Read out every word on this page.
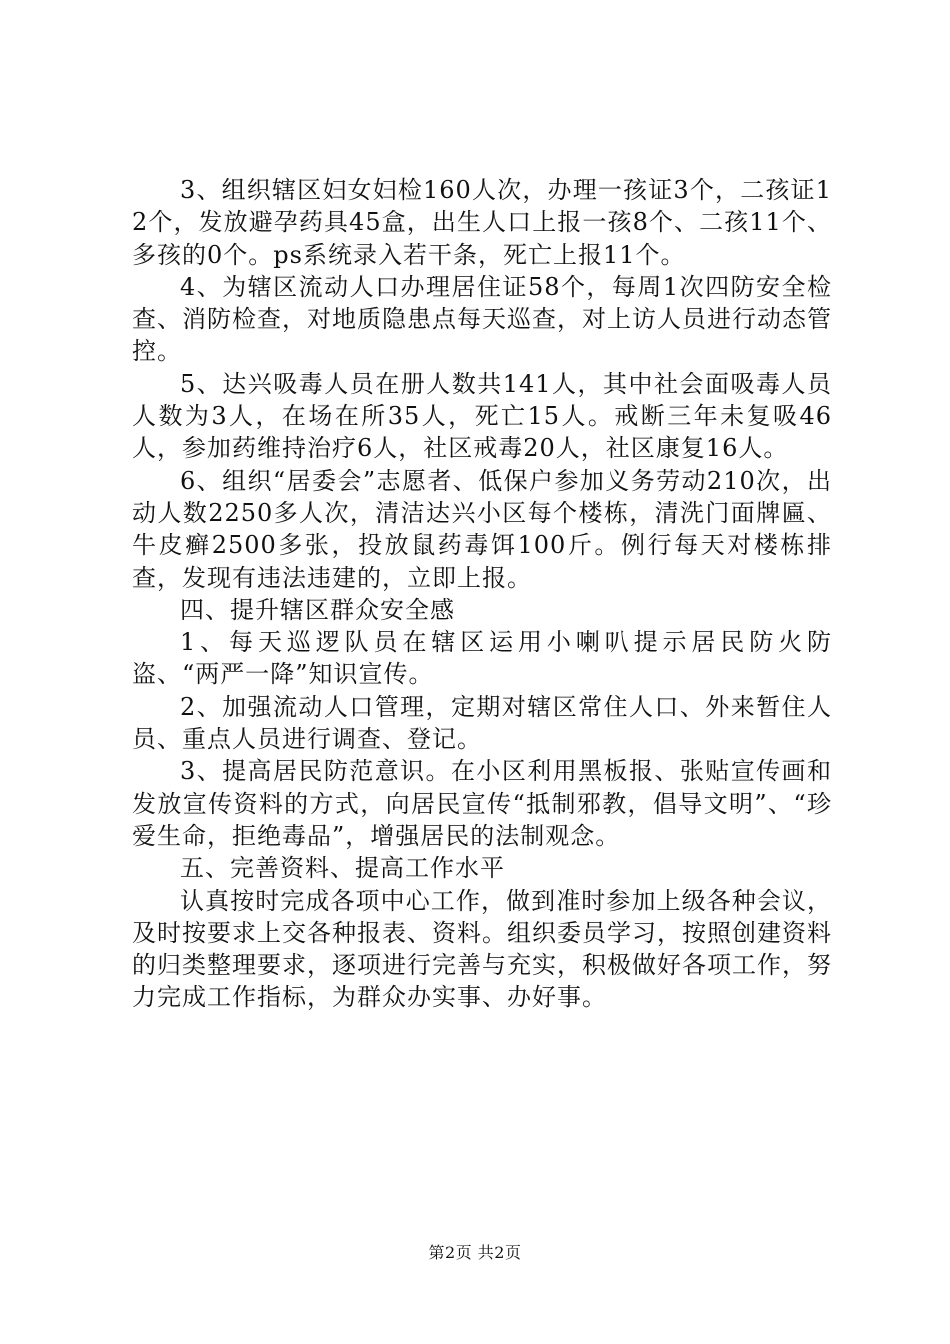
3、组织辖区妇女妇检160人次，办理一孩证3个，二孩证12个，发放避孕药具45盒，出生人口上报一孩8个、二孩11个、多孩的0个。ps系统录入若干条，死亡上报11个。

4、为辖区流动人口办理居住证58个，每周1次四防安全检查、消防检查，对地质隐患点每天巡查，对上访人员进行动态管控。

5、达兴吸毒人员在册人数共141人，其中社会面吸毒人员人数为3人，在场在所35人，死亡15人。戒断三年未复吸46人，参加药维持治疗6人，社区戒毒20人，社区康复16人。

6、组织“居委会”志愿者、低保户参加义务劳动210次，出动人数2250多人次，清洁达兴小区每个楼栋，清洗门面牌匾、牛皮癣2500多张，投放鼠药毒饵100斤。例行每天对楼栋排查，发现有违法违建的，立即上报。

四、提升辖区群众安全感

1、每天巡逻队员在辖区运用小喇叭提示居民防火防盗、“两严一降”知识宣传。

2、加强流动人口管理，定期对辖区常住人口、外来暂住人员、重点人员进行调查、登记。

3、提高居民防范意识。在小区利用黑板报、张贴宣传画和发放宣传资料的方式，向居民宣传“抵制邪教，倡导文明”、“珍爱生命，拒绝毒品”，增强居民的法制观念。

五、完善资料、提高工作水平

认真按时完成各项中心工作，做到准时参加上级各种会议，及时按要求上交各种报表、资料。组织委员学习，按照创建资料的归类整理要求，逐项进行完善与充实，积极做好各项工作，努力完成工作指标，为群众办实事、办好事。

第2页 共2页
